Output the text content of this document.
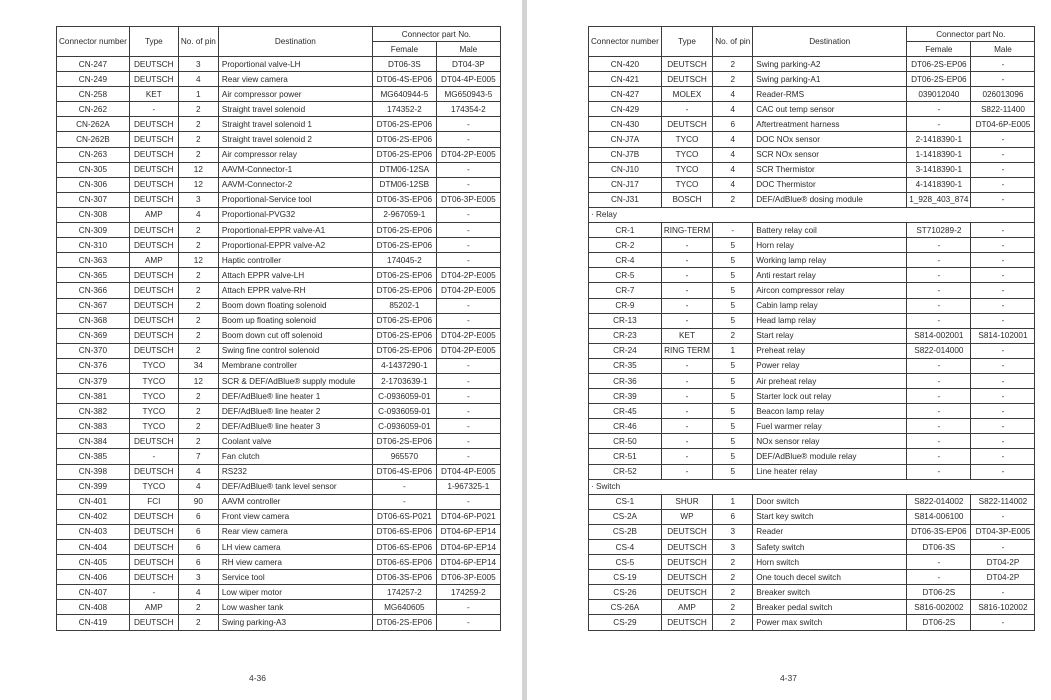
Connector number	Type	No. of pin	Destination	Connector part No.	
				Female	Male
CN-247	DEUTSCH	3	Proportional valve-LH	DT06-3S	DT04-3P
CN-249	DEUTSCH	4	Rear view camera	DT06-4S-EP06	DT04-4P-E005
CN-258	KET	1	Air compressor power	MG640944-5	MG650943-5
CN-262	-	2	Straight travel solenoid	174352-2	174354-2
CN-262A	DEUTSCH	2	Straight travel solenoid 1	DT06-2S-EP06	-
CN-262B	DEUTSCH	2	Straight travel solenoid 2	DT06-2S-EP06	-
CN-263	DEUTSCH	2	Air compressor relay	DT06-2S-EP06	DT04-2P-E005
CN-305	DEUTSCH	12	AAVM-Connector-1	DTM06-12SA	-
CN-306	DEUTSCH	12	AAVM-Connector-2	DTM06-12SB	-
CN-307	DEUTSCH	3	Proportional-Service tool	DT06-3S-EP06	DT06-3P-E005
CN-308	AMP	4	Proportional-PVG32	2-967059-1	-
CN-309	DEUTSCH	2	Proportional-EPPR valve-A1	DT06-2S-EP06	-
CN-310	DEUTSCH	2	Proportional-EPPR valve-A2	DT06-2S-EP06	-
CN-363	AMP	12	Haptic controller	174045-2	-
CN-365	DEUTSCH	2	Attach EPPR valve-LH	DT06-2S-EP06	DT04-2P-E005
CN-366	DEUTSCH	2	Attach EPPR valve-RH	DT06-2S-EP06	DT04-2P-E005
CN-367	DEUTSCH	2	Boom down floating solenoid	85202-1	-
CN-368	DEUTSCH	2	Boom up floating solenoid	DT06-2S-EP06	-
CN-369	DEUTSCH	2	Boom down cut off solenoid	DT06-2S-EP06	DT04-2P-E005
CN-370	DEUTSCH	2	Swing fine control solenoid	DT06-2S-EP06	DT04-2P-E005
CN-376	TYCO	34	Membrane controller	4-1437290-1	-
CN-379	TYCO	12	SCR & DEF/AdBlue® supply module	2-1703639-1	-
CN-381	TYCO	2	DEF/AdBlue® line heater 1	C-0936059-01	-
CN-382	TYCO	2	DEF/AdBlue® line heater 2	C-0936059-01	-
CN-383	TYCO	2	DEF/AdBlue® line heater 3	C-0936059-01	-
CN-384	DEUTSCH	2	Coolant valve	DT06-2S-EP06	-
CN-385	-	7	Fan clutch	965570	-
CN-398	DEUTSCH	4	RS232	DT06-4S-EP06	DT04-4P-E005
CN-399	TYCO	4	DEF/AdBlue® tank level sensor	-	1-967325-1
CN-401	FCI	90	AAVM controller	-	-
CN-402	DEUTSCH	6	Front view camera	DT06-6S-P021	DT04-6P-P021
CN-403	DEUTSCH	6	Rear view camera	DT06-6S-EP06	DT04-6P-EP14
CN-404	DEUTSCH	6	LH view camera	DT06-6S-EP06	DT04-6P-EP14
CN-405	DEUTSCH	6	RH view camera	DT06-6S-EP06	DT04-6P-EP14
CN-406	DEUTSCH	3	Service tool	DT06-3S-EP06	DT06-3P-E005
CN-407	-	4	Low wiper motor	174257-2	174259-2
CN-408	AMP	2	Low washer tank	MG640605	-
CN-419	DEUTSCH	2	Swing parking-A3	DT06-2S-EP06	-
4-36
Connector number	Type	No. of pin	Destination	Connector part No.	
				Female	Male
CN-420	DEUTSCH	2	Swing parking-A2	DT06-2S-EP06	-
CN-421	DEUTSCH	2	Swing parking-A1	DT06-2S-EP06	-
CN-427	MOLEX	4	Reader-RMS	039012040	026013096
CN-429	-	4	CAC out temp sensor	-	S822-11400
CN-430	DEUTSCH	6	Aftertreatment harness	-	DT04-6P-E005
CN-J7A	TYCO	4	DOC NOx sensor	2-1418390-1	-
CN-J7B	TYCO	4	SCR NOx sensor	1-1418390-1	-
CN-J10	TYCO	4	SCR Thermistor	3-1418390-1	-
CN-J17	TYCO	4	DOC Thermistor	4-1418390-1	-
CN-J31	BOSCH	2	DEF/AdBlue® dosing module	1_928_403_874	-
· Relay					
CR-1	RING-TERM	-	Battery relay coil	ST710289-2	-
CR-2	-	5	Horn relay	-	-
CR-4	-	5	Working lamp relay	-	-
CR-5	-	5	Anti restart relay	-	-
CR-7	-	5	Aircon compressor relay	-	-
CR-9	-	5	Cabin lamp relay	-	-
CR-13	-	5	Head lamp relay	-	-
CR-23	KET	2	Start relay	S814-002001	S814-102001
CR-24	RING TERM	1	Preheat relay	S822-014000	-
CR-35	-	5	Power relay	-	-
CR-36	-	5	Air preheat relay	-	-
CR-39	-	5	Starter lock out relay	-	-
CR-45	-	5	Beacon lamp relay	-	-
CR-46	-	5	Fuel warmer relay	-	-
CR-50	-	5	NOx sensor relay	-	-
CR-51	-	5	DEF/AdBlue® module relay	-	-
CR-52	-	5	Line heater relay	-	-
· Switch					
CS-1	SHUR	1	Door switch	S822-014002	S822-114002
CS-2A	WP	6	Start key switch	S814-006100	-
CS-2B	DEUTSCH	3	Reader	DT06-3S-EP06	DT04-3P-E005
CS-4	DEUTSCH	3	Safety switch	DT06-3S	-
CS-5	DEUTSCH	2	Horn switch	-	DT04-2P
CS-19	DEUTSCH	2	One touch decel switch	-	DT04-2P
CS-26	DEUTSCH	2	Breaker switch	DT06-2S	-
CS-26A	AMP	2	Breaker pedal switch	S816-002002	S816-102002
CS-29	DEUTSCH	2	Power max switch	DT06-2S	-
4-37
